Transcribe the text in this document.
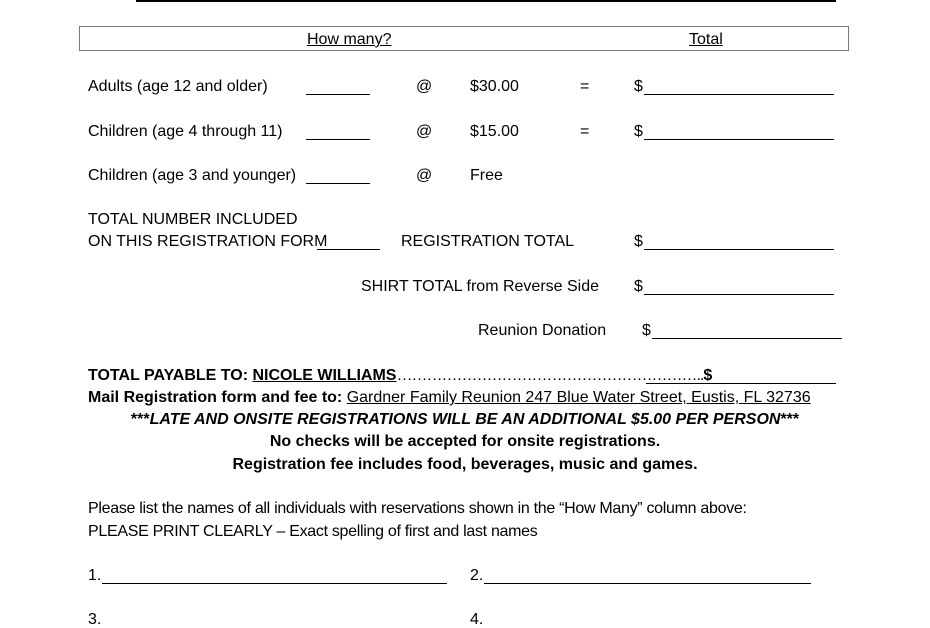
How many?	Total
Adults (age 12 and older)	@ $30.00	=	$
Children (age 4 through 11)	@ $15.00	=	$
Children (age 3 and younger)	@ Free
TOTAL NUMBER INCLUDED
ON THIS REGISTRATION FORM	REGISTRATION TOTAL	$
SHIRT TOTAL from Reverse Side $
Reunion Donation $
TOTAL PAYABLE TO: NICOLE WILLIAMS……………………………………………………..$
Mail Registration form and fee to: Gardner Family Reunion 247 Blue Water Street, Eustis, FL 32736
***LATE AND ONSITE REGISTRATIONS WILL BE AN ADDITIONAL $5.00 PER PERSON***
No checks will be accepted for onsite registrations.
Registration fee includes food, beverages, music and games.
Please list the names of all individuals with reservations shown in the “How Many” column above:
PLEASE PRINT CLEARLY – Exact spelling of first and last names
1.	2.
3.	4.
